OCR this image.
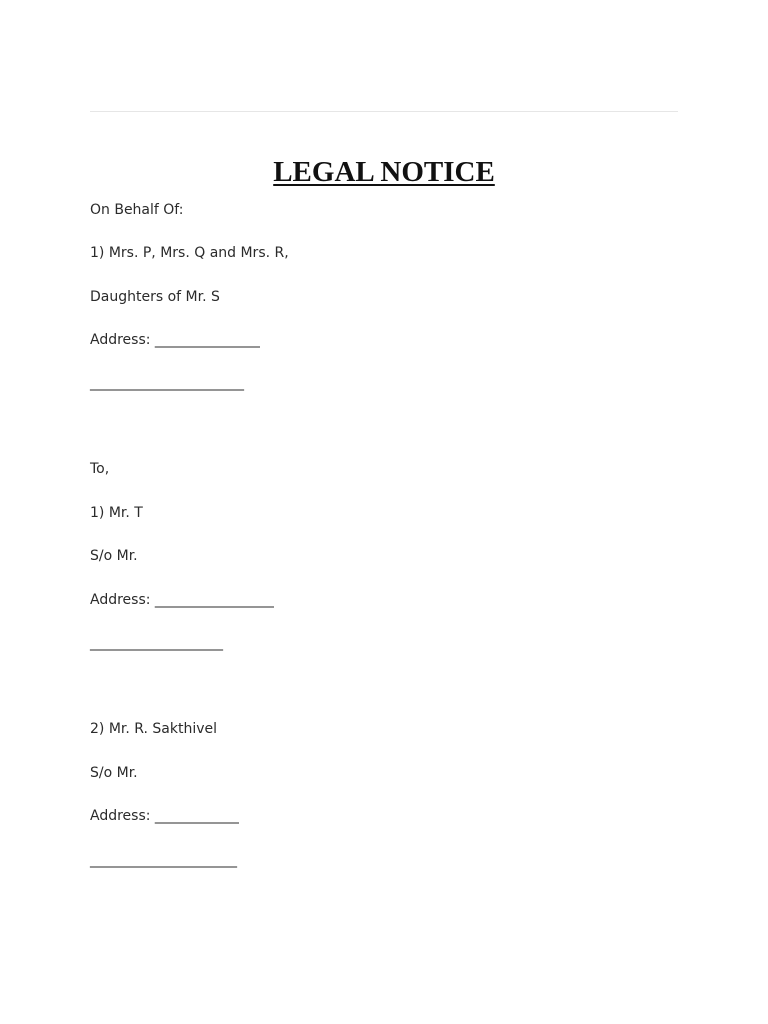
LEGAL NOTICE
On Behalf Of:
1) Mrs. P, Mrs. Q and Mrs. R,
Daughters of Mr. S
Address: _______________
______________________
To,
1) Mr. T
S/o Mr.
Address: _________________
___________________
2) Mr. R. Sakthivel
S/o Mr.
Address: ____________
_____________________
